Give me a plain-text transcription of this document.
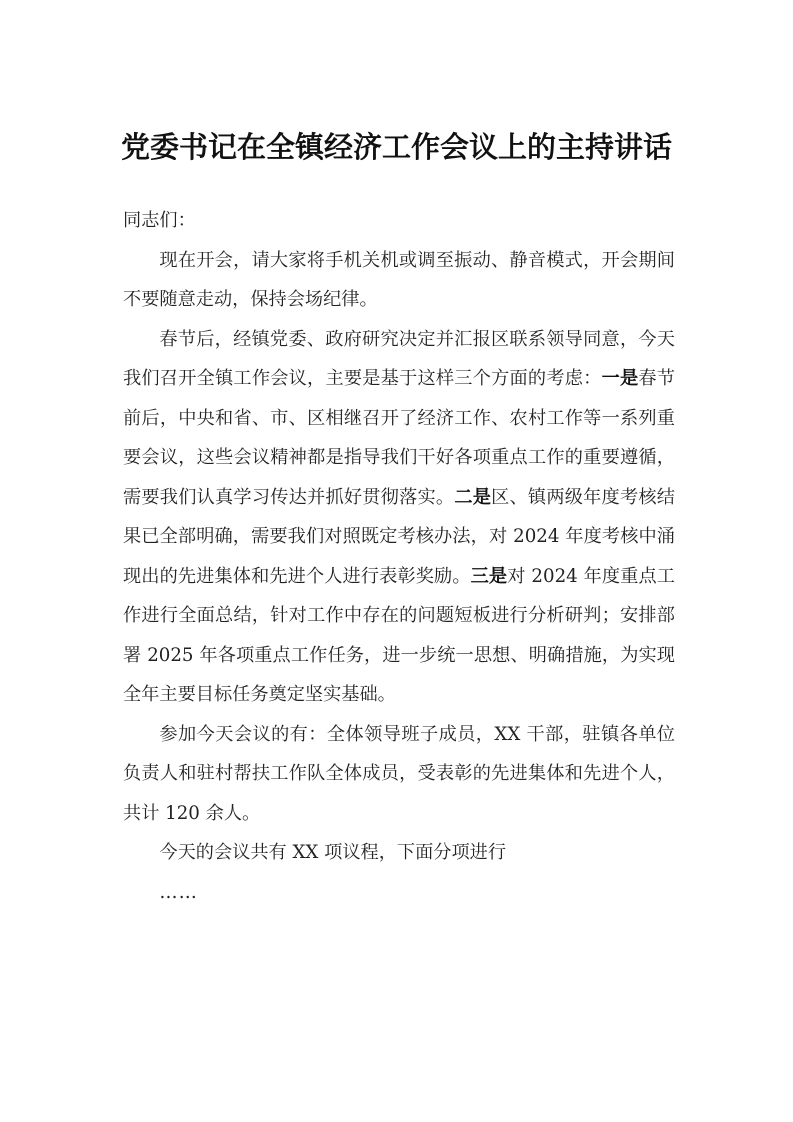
党委书记在全镇经济工作会议上的主持讲话

同志们：

现在开会，请大家将手机关机或调至振动、静音模式，开会期间不要随意走动，保持会场纪律。

春节后，经镇党委、政府研究决定并汇报区联系领导同意，今天我们召开全镇工作会议，主要是基于这样三个方面的考虑：一是春节前后，中央和省、市、区相继召开了经济工作、农村工作等一系列重要会议，这些会议精神都是指导我们干好各项重点工作的重要遵循，需要我们认真学习传达并抓好贯彻落实。二是区、镇两级年度考核结果已全部明确，需要我们对照既定考核办法，对 2024 年度考核中涌现出的先进集体和先进个人进行表彰奖励。三是对 2024 年度重点工作进行全面总结，针对工作中存在的问题短板进行分析研判；安排部署 2025 年各项重点工作任务，进一步统一思想、明确措施，为实现全年主要目标任务奠定坚实基础。

参加今天会议的有：全体领导班子成员，XX 干部，驻镇各单位负责人和驻村帮扶工作队全体成员，受表彰的先进集体和先进个人，共计 120 余人。

今天的会议共有 XX 项议程，下面分项进行

……
